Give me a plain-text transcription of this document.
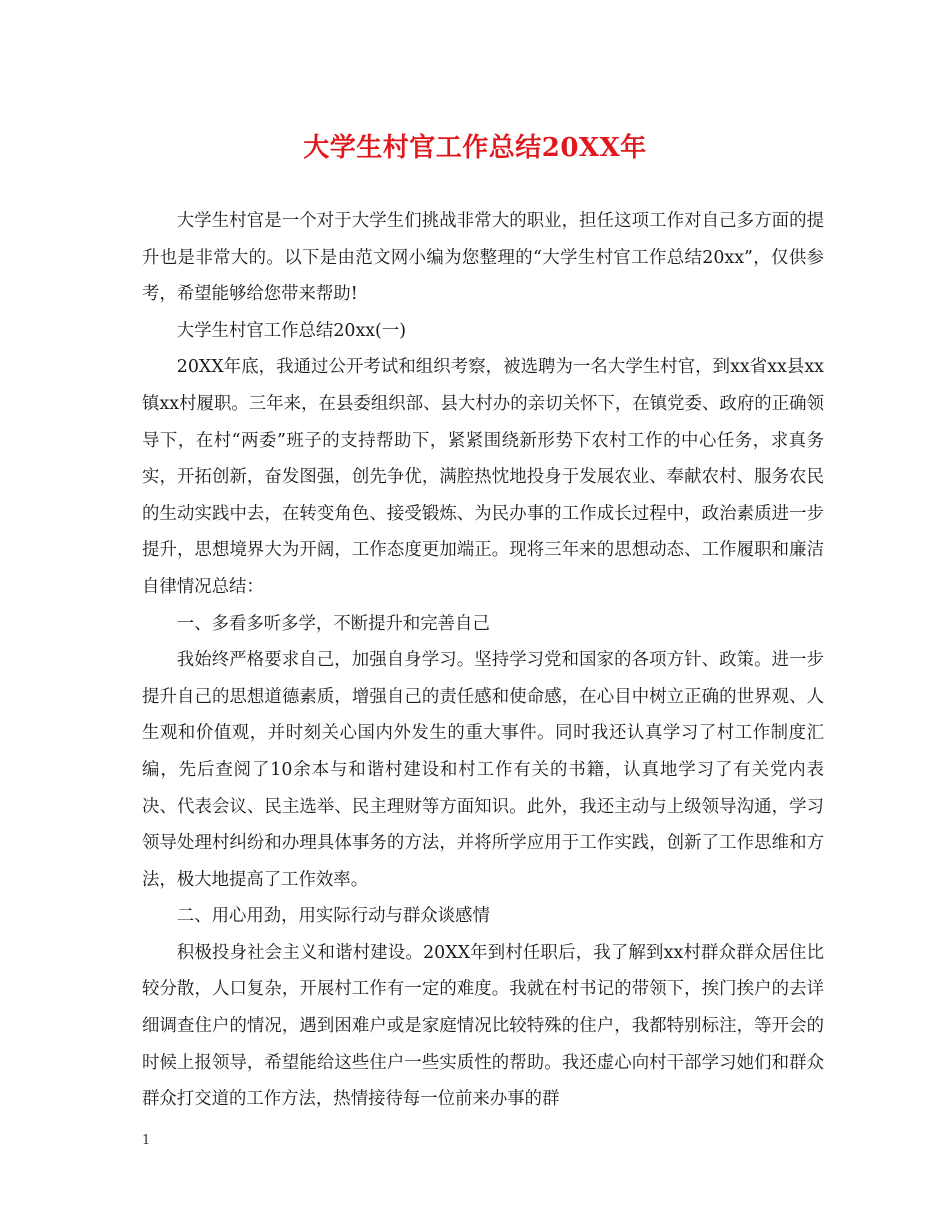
大学生村官工作总结20XX年

大学生村官是一个对于大学生们挑战非常大的职业，担任这项工作对自己多方面的提升也是非常大的。以下是由范文网小编为您整理的“大学生村官工作总结20xx”，仅供参考，希望能够给您带来帮助!

大学生村官工作总结20xx(一)

20XX年底，我通过公开考试和组织考察，被选聘为一名大学生村官，到xx省xx县xx镇xx村履职。三年来，在县委组织部、县大村办的亲切关怀下，在镇党委、政府的正确领导下，在村“两委”班子的支持帮助下，紧紧围绕新形势下农村工作的中心任务，求真务实，开拓创新，奋发图强，创先争优，满腔热忱地投身于发展农业、奉献农村、服务农民的生动实践中去，在转变角色、接受锻炼、为民办事的工作成长过程中，政治素质进一步提升，思想境界大为开阔，工作态度更加端正。现将三年来的思想动态、工作履职和廉洁自律情况总结：

一、多看多听多学，不断提升和完善自己

我始终严格要求自己，加强自身学习。坚持学习党和国家的各项方针、政策。进一步提升自己的思想道德素质，增强自己的责任感和使命感，在心目中树立正确的世界观、人生观和价值观，并时刻关心国内外发生的重大事件。同时我还认真学习了村工作制度汇编，先后查阅了10余本与和谐村建设和村工作有关的书籍，认真地学习了有关党内表决、代表会议、民主选举、民主理财等方面知识。此外，我还主动与上级领导沟通，学习领导处理村纠纷和办理具体事务的方法，并将所学应用于工作实践，创新了工作思维和方法，极大地提高了工作效率。

二、用心用劲，用实际行动与群众谈感情

积极投身社会主义和谐村建设。20XX年到村任职后，我了解到xx村群众群众居住比较分散，人口复杂，开展村工作有一定的难度。我就在村书记的带领下，挨门挨户的去详细调查住户的情况，遇到困难户或是家庭情况比较特殊的住户，我都特别标注，等开会的时候上报领导，希望能给这些住户一些实质性的帮助。我还虚心向村干部学习她们和群众群众打交道的工作方法，热情接待每一位前来办事的群

1
